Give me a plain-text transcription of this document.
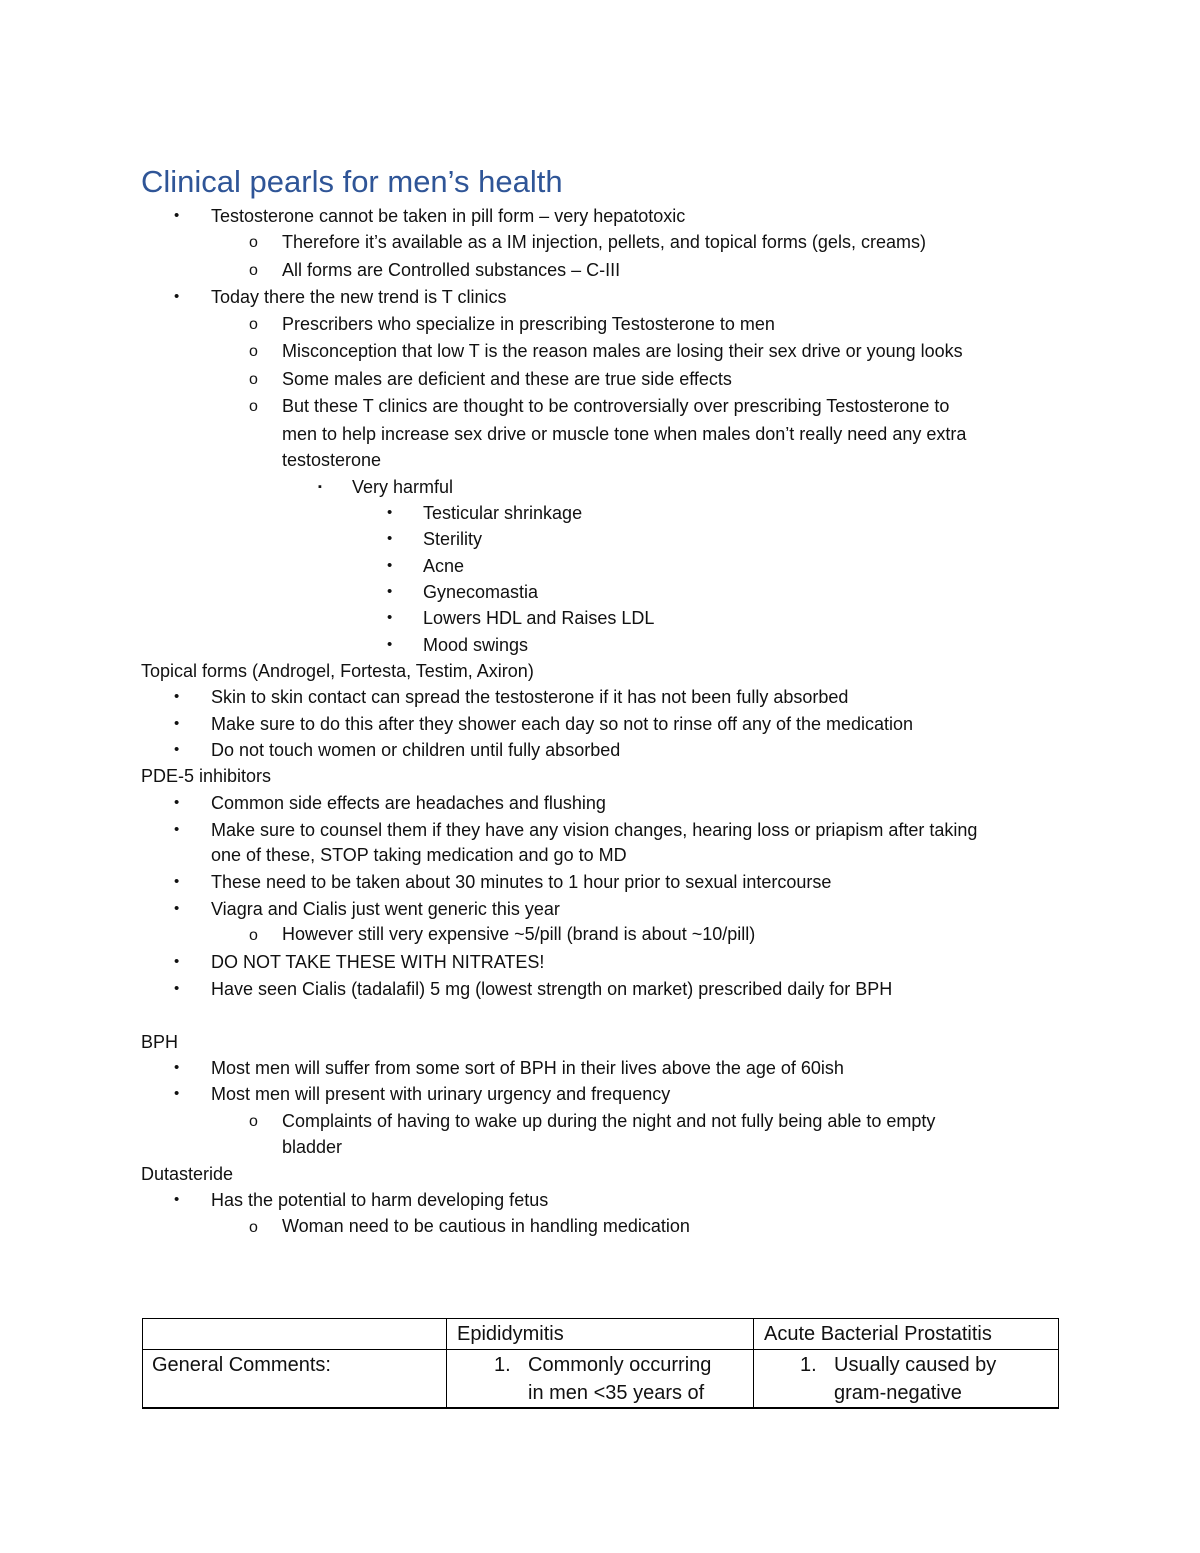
Clinical pearls for men’s health
• Testosterone cannot be taken in pill form – very hepatotoxic
o Therefore it’s available as a IM injection, pellets, and topical forms (gels, creams)
o All forms are Controlled substances – C-III
• Today there the new trend is T clinics
o Prescribers who specialize in prescribing Testosterone to men
o Misconception that low T is the reason males are losing their sex drive or young looks
o Some males are deficient and these are true side effects
o But these T clinics are thought to be controversially over prescribing Testosterone to
men to help increase sex drive or muscle tone when males don’t really need any extra
testosterone
▪ Very harmful
• Testicular shrinkage
• Sterility
• Acne
• Gynecomastia
• Lowers HDL and Raises LDL
• Mood swings
Topical forms (Androgel, Fortesta, Testim, Axiron)
• Skin to skin contact can spread the testosterone if it has not been fully absorbed
• Make sure to do this after they shower each day so not to rinse off any of the medication
• Do not touch women or children until fully absorbed
PDE-5 inhibitors
• Common side effects are headaches and flushing
• Make sure to counsel them if they have any vision changes, hearing loss or priapism after taking
one of these, STOP taking medication and go to MD
• These need to be taken about 30 minutes to 1 hour prior to sexual intercourse
• Viagra and Cialis just went generic this year
o However still very expensive ~5/pill (brand is about ~10/pill)
• DO NOT TAKE THESE WITH NITRATES!
• Have seen Cialis (tadalafil) 5 mg (lowest strength on market) prescribed daily for BPH
BPH
• Most men will suffer from some sort of BPH in their lives above the age of 60ish
• Most men will present with urinary urgency and frequency
o Complaints of having to wake up during the night and not fully being able to empty
bladder
Dutasteride
• Has the potential to harm developing fetus
o Woman need to be cautious in handling medication
Epididymitis	Acute Bacterial Prostatitis
General Comments:	1. Commonly occurring
in men <35 years of
1. Usually caused by
gram-negative
